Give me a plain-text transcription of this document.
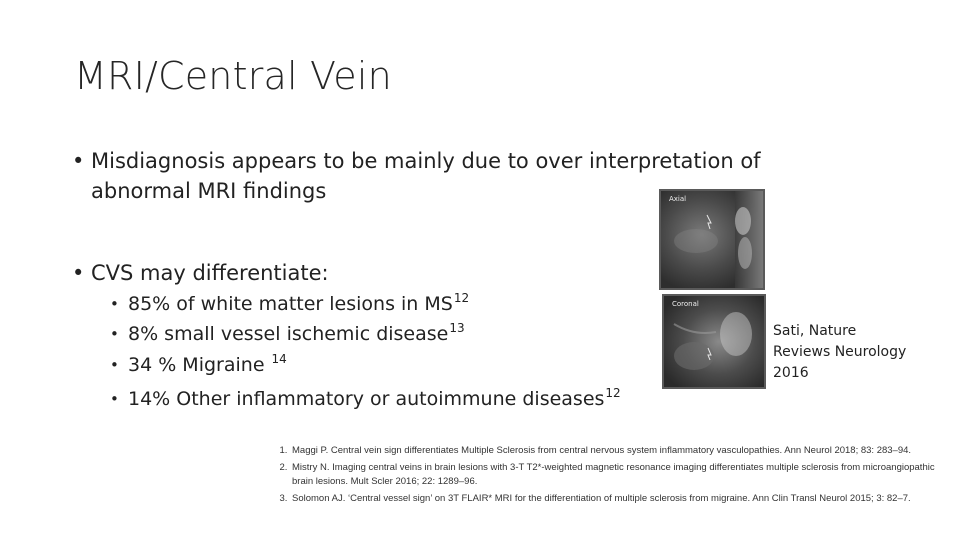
MRI/Central Vein
• Misdiagnosis appears to be mainly due to over interpretation of abnormal MRI findings
• CVS may differentiate:
• 85% of white matter lesions in MS$^{12}$
• 8% small vessel ischemic disease$^{13}$
• 34 % Migraine $^{14}$
• 14% Other inflammatory or autoimmune diseases$^{12}$
Axial
Coronal
Sati, Nature
Reviews Neurology
2016
1. Maggi P. Central vein sign differentiates Multiple Sclerosis from central nervous system inflammatory vasculopathies. Ann Neurol 2018; 83: 283–94.
2. Mistry N. Imaging central veins in brain lesions with 3-T T2*-weighted magnetic resonance imaging differentiates multiple sclerosis from microangiopathic brain lesions. Mult Scler 2016; 22: 1289–96.
3. Solomon AJ. ‘Central vessel sign’ on 3T FLAIR* MRI for the differentiation of multiple sclerosis from migraine. Ann Clin Transl Neurol 2015; 3: 82–7.
